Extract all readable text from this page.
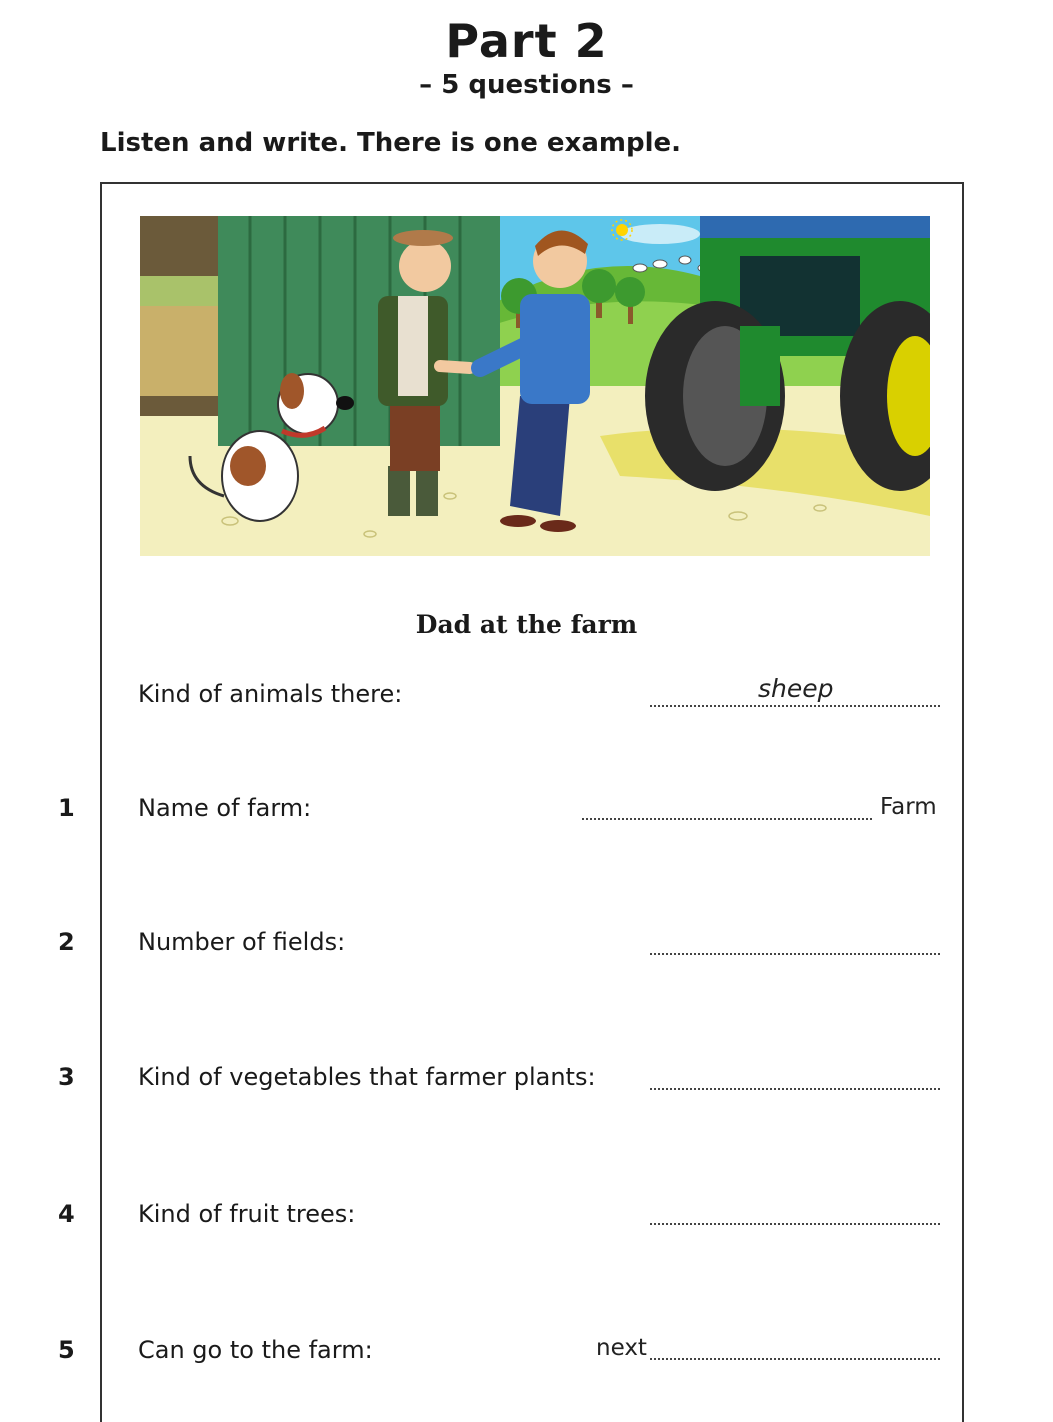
Part 2
– 5 questions –
Listen and write. There is one example.
Dad at the farm
Kind of animals there:	sheep
1	Name of farm:	Farm
2	Number of fields:
3	Kind of vegetables that farmer plants:
4	Kind of fruit trees:
5	Can go to the farm:	next
